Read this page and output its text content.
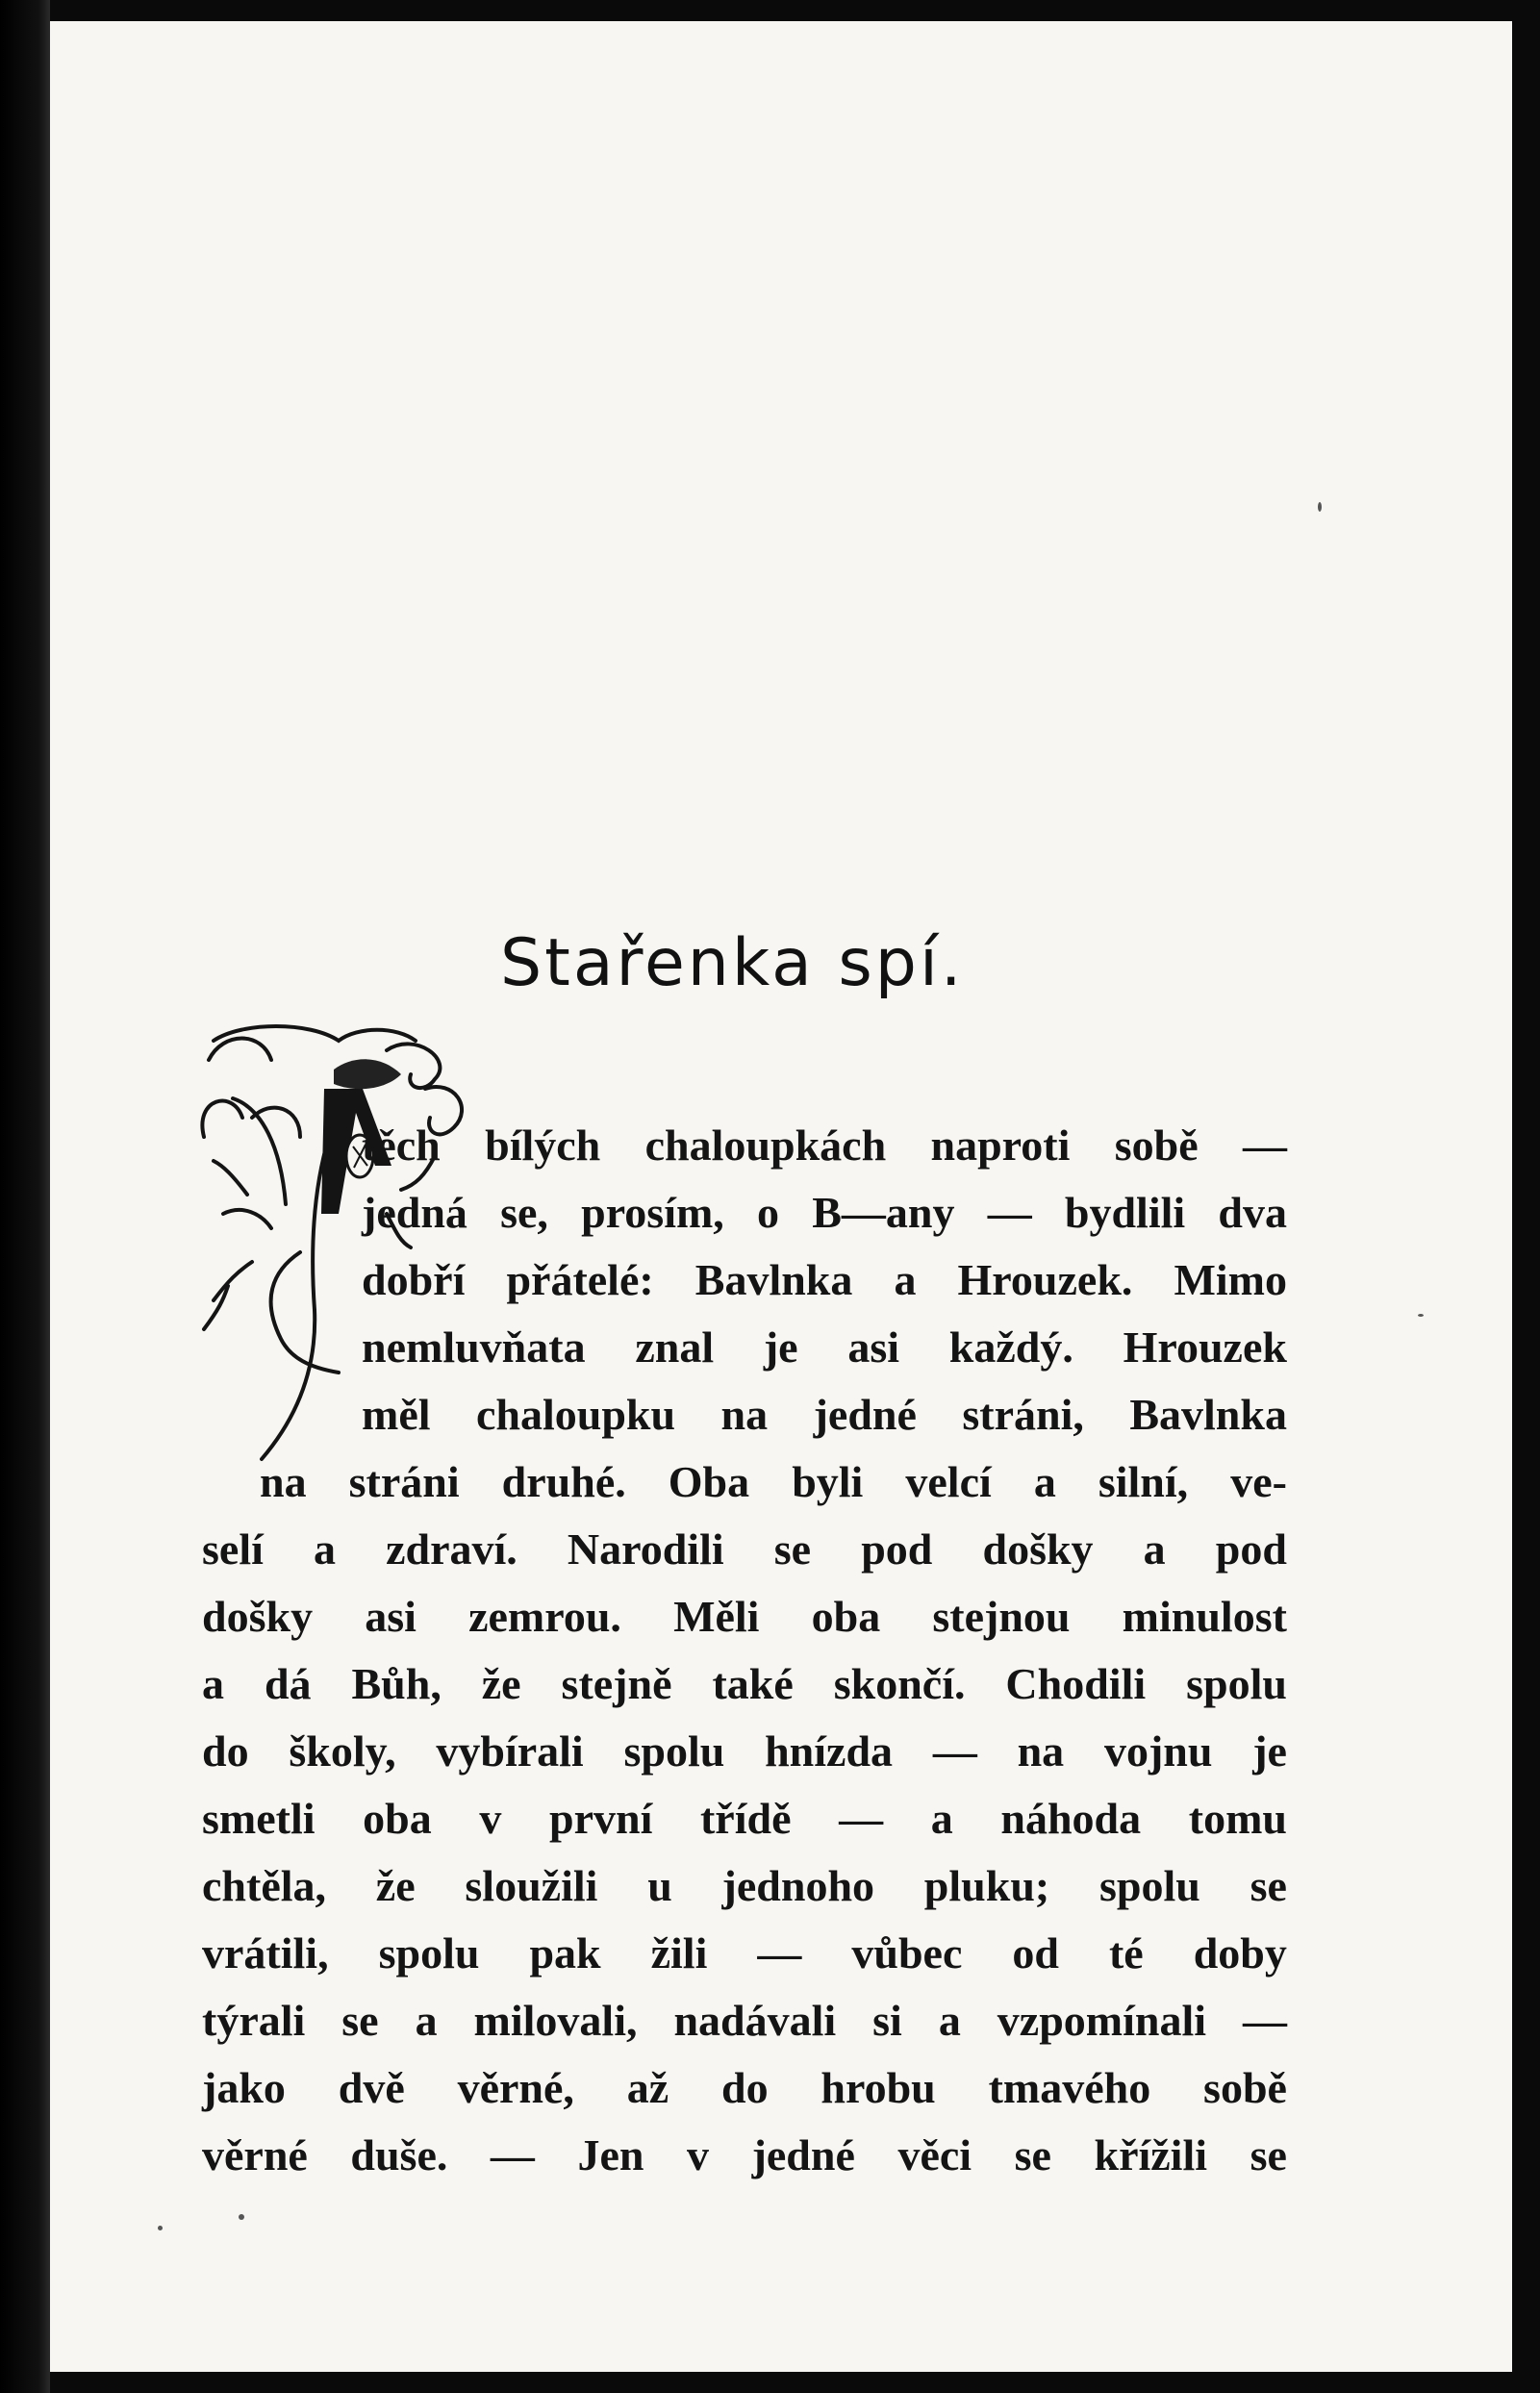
Stařenka spí.
těch bílých chaloupkách naproti sobě —
jedná se, prosím, o B—any — bydlili dva
dobří přátelé: Bavlnka a Hrouzek. Mimo
nemluvňata znal je asi každý. Hrouzek
měl chaloupku na jedné stráni, Bavlnka
na stráni druhé. Oba byli velcí a silní, ve-
selí a zdraví. Narodili se pod došky a pod
došky asi zemrou. Měli oba stejnou minulost
a dá Bůh, že stejně také skončí. Chodili spolu
do školy, vybírali spolu hnízda — na vojnu je
smetli oba v první třídě — a náhoda tomu
chtěla, že sloužili u jednoho pluku; spolu se
vrátili, spolu pak žili — vůbec od té doby
týrali se a milovali, nadávali si a vzpomínali —
jako dvě věrné, až do hrobu tmavého sobě
věrné duše. — Jen v jedné věci se křížili se
